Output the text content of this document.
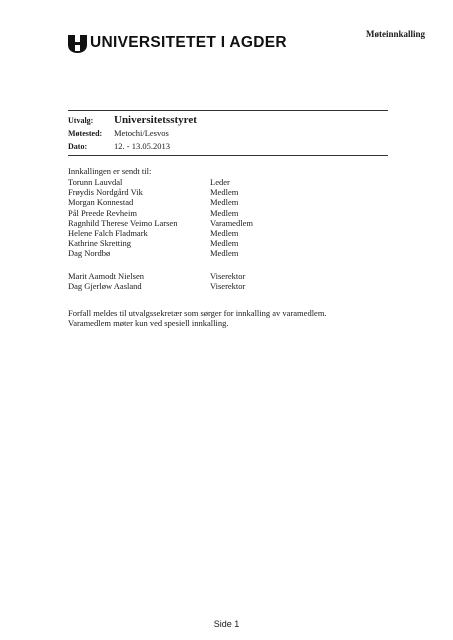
Møteinnkalling
UNIVERSITETET I AGDER
Utvalg:	Universitetsstyret
Møtested:	Metochi/Lesvos
Dato:	12. - 13.05.2013
Innkallingen er sendt til:
Torunn Lauvdal	Leder
Frøydis Nordgård Vik	Medlem
Morgan Konnestad	Medlem
Pål Preede Revheim	Medlem
Ragnhild Therese Veimo Larsen	Varamedlem
Helene Falch Fladmark	Medlem
Kathrine Skretting	Medlem
Dag Nordbø	Medlem
Marit Aamodt Nielsen	Viserektor
Dag Gjerløw Aasland	Viserektor
Forfall meldes til utvalgssekretær som sørger for innkalling av varamedlem.
Varamedlem møter kun ved spesiell innkalling.
Side 1
